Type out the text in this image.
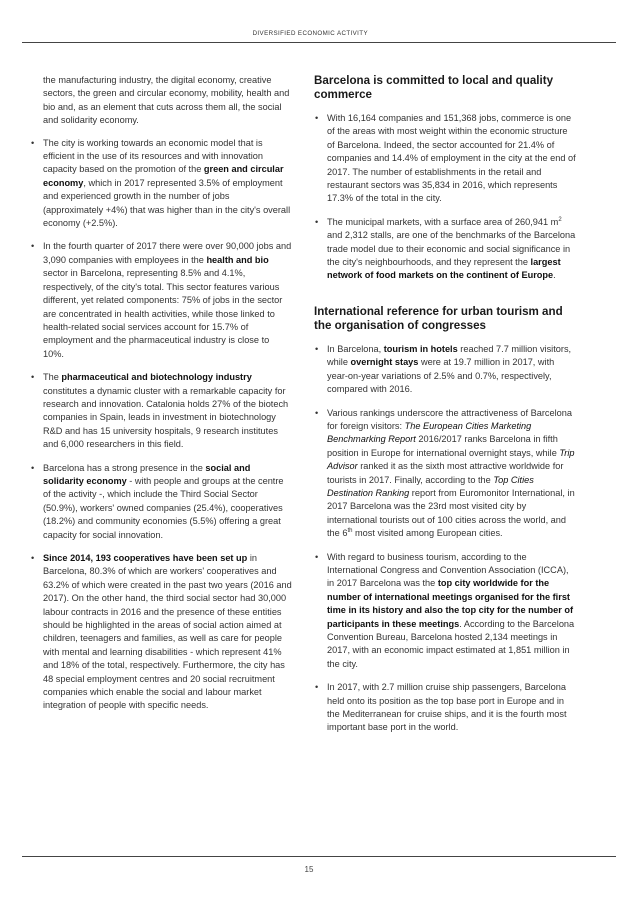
DIVERSIFIED ECONOMIC ACTIVITY

the manufacturing industry, the digital economy, creative sectors, the green and circular economy, mobility, health and bio and, as an element that cuts across them all, the social and solidarity economy.

• The city is working towards an economic model that is efficient in the use of its resources and with innovation capacity based on the promotion of the green and circular economy, which in 2017 represented 3.5% of employment and experienced growth in the number of jobs (approximately +4%) that was higher than in the city's overall economy (+2.5%).
• In the fourth quarter of 2017 there were over 90,000 jobs and 3,090 companies with employees in the health and bio sector in Barcelona, representing 8.5% and 4.1%, respectively, of the city's total. This sector features various different, yet related components: 75% of jobs in the sector are concentrated in health activities, while those linked to health-related social services account for 15.7% of employment and the pharmaceutical industry is close to 10%.
• The pharmaceutical and biotechnology industry constitutes a dynamic cluster with a remarkable capacity for research and innovation. Catalonia holds 27% of the biotech companies in Spain, leads in investment in biotechnology R&D and has 15 university hospitals, 9 research institutes and 6,000 researchers in this field.
• Barcelona has a strong presence in the social and solidarity economy - with people and groups at the centre of the activity -, which include the Third Social Sector (50.9%), workers' owned companies (25.4%), cooperatives (18.2%) and community economies (5.5%) offering a great capacity for social innovation.
• Since 2014, 193 cooperatives have been set up in Barcelona, 80.3% of which are workers' cooperatives and 63.2% of which were created in the past two years (2016 and 2017). On the other hand, the third social sector had 30,000 labour contracts in 2016 and the presence of these entities should be highlighted in the areas of social action aimed at children, teenagers and families, as well as care for people with mental and learning disabilities - which represent 41% and 18% of the total, respectively. Furthermore, the city has 48 special employment centres and 20 social recruitment companies which enable the social and labour market integration of people with specific needs.
Barcelona is committed to local and quality commerce
• With 16,164 companies and 151,368 jobs, commerce is one of the areas with most weight within the economic structure of Barcelona. Indeed, the sector accounted for 21.4% of companies and 14.4% of employment in the city at the end of 2017. The number of establishments in the retail and restaurant sectors was 35,834 in 2016, which represents 17.3% of the total in the city.
• The municipal markets, with a surface area of 260,941 $m^2$ and 2,312 stalls, are one of the benchmarks of the Barcelona trade model due to their economic and social significance in the city's neighbourhoods, and they represent the largest network of food markets on the continent of Europe.
International reference for urban tourism and the organisation of congresses
• In Barcelona, tourism in hotels reached 7.7 million visitors, while overnight stays were at 19.7 million in 2017, with year-on-year variations of 2.5% and 0.7%, respectively, compared with 2016.
• Various rankings underscore the attractiveness of Barcelona for foreign visitors: The European Cities Marketing Benchmarking Report 2016/2017 ranks Barcelona in fifth position in Europe for international overnight stays, while Trip Advisor ranked it as the sixth most attractive worldwide for tourists in 2017. Finally, according to the Top Cities Destination Ranking report from Euromonitor International, in 2017 Barcelona was the 23rd most visited city by international tourists out of 100 cities across the world, and the 6th most visited among European cities.
• With regard to business tourism, according to the International Congress and Convention Association (ICCA), in 2017 Barcelona was the top city worldwide for the number of international meetings organised for the first time in its history and also the top city for the number of participants in these meetings. According to the Barcelona Convention Bureau, Barcelona hosted 2,134 meetings in 2017, with an economic impact estimated at 1,851 million in the city.
• In 2017, with 2.7 million cruise ship passengers, Barcelona held onto its position as the top base port in Europe and in the Mediterranean for cruise ships, and it is the fourth most important base port in the world.
15
